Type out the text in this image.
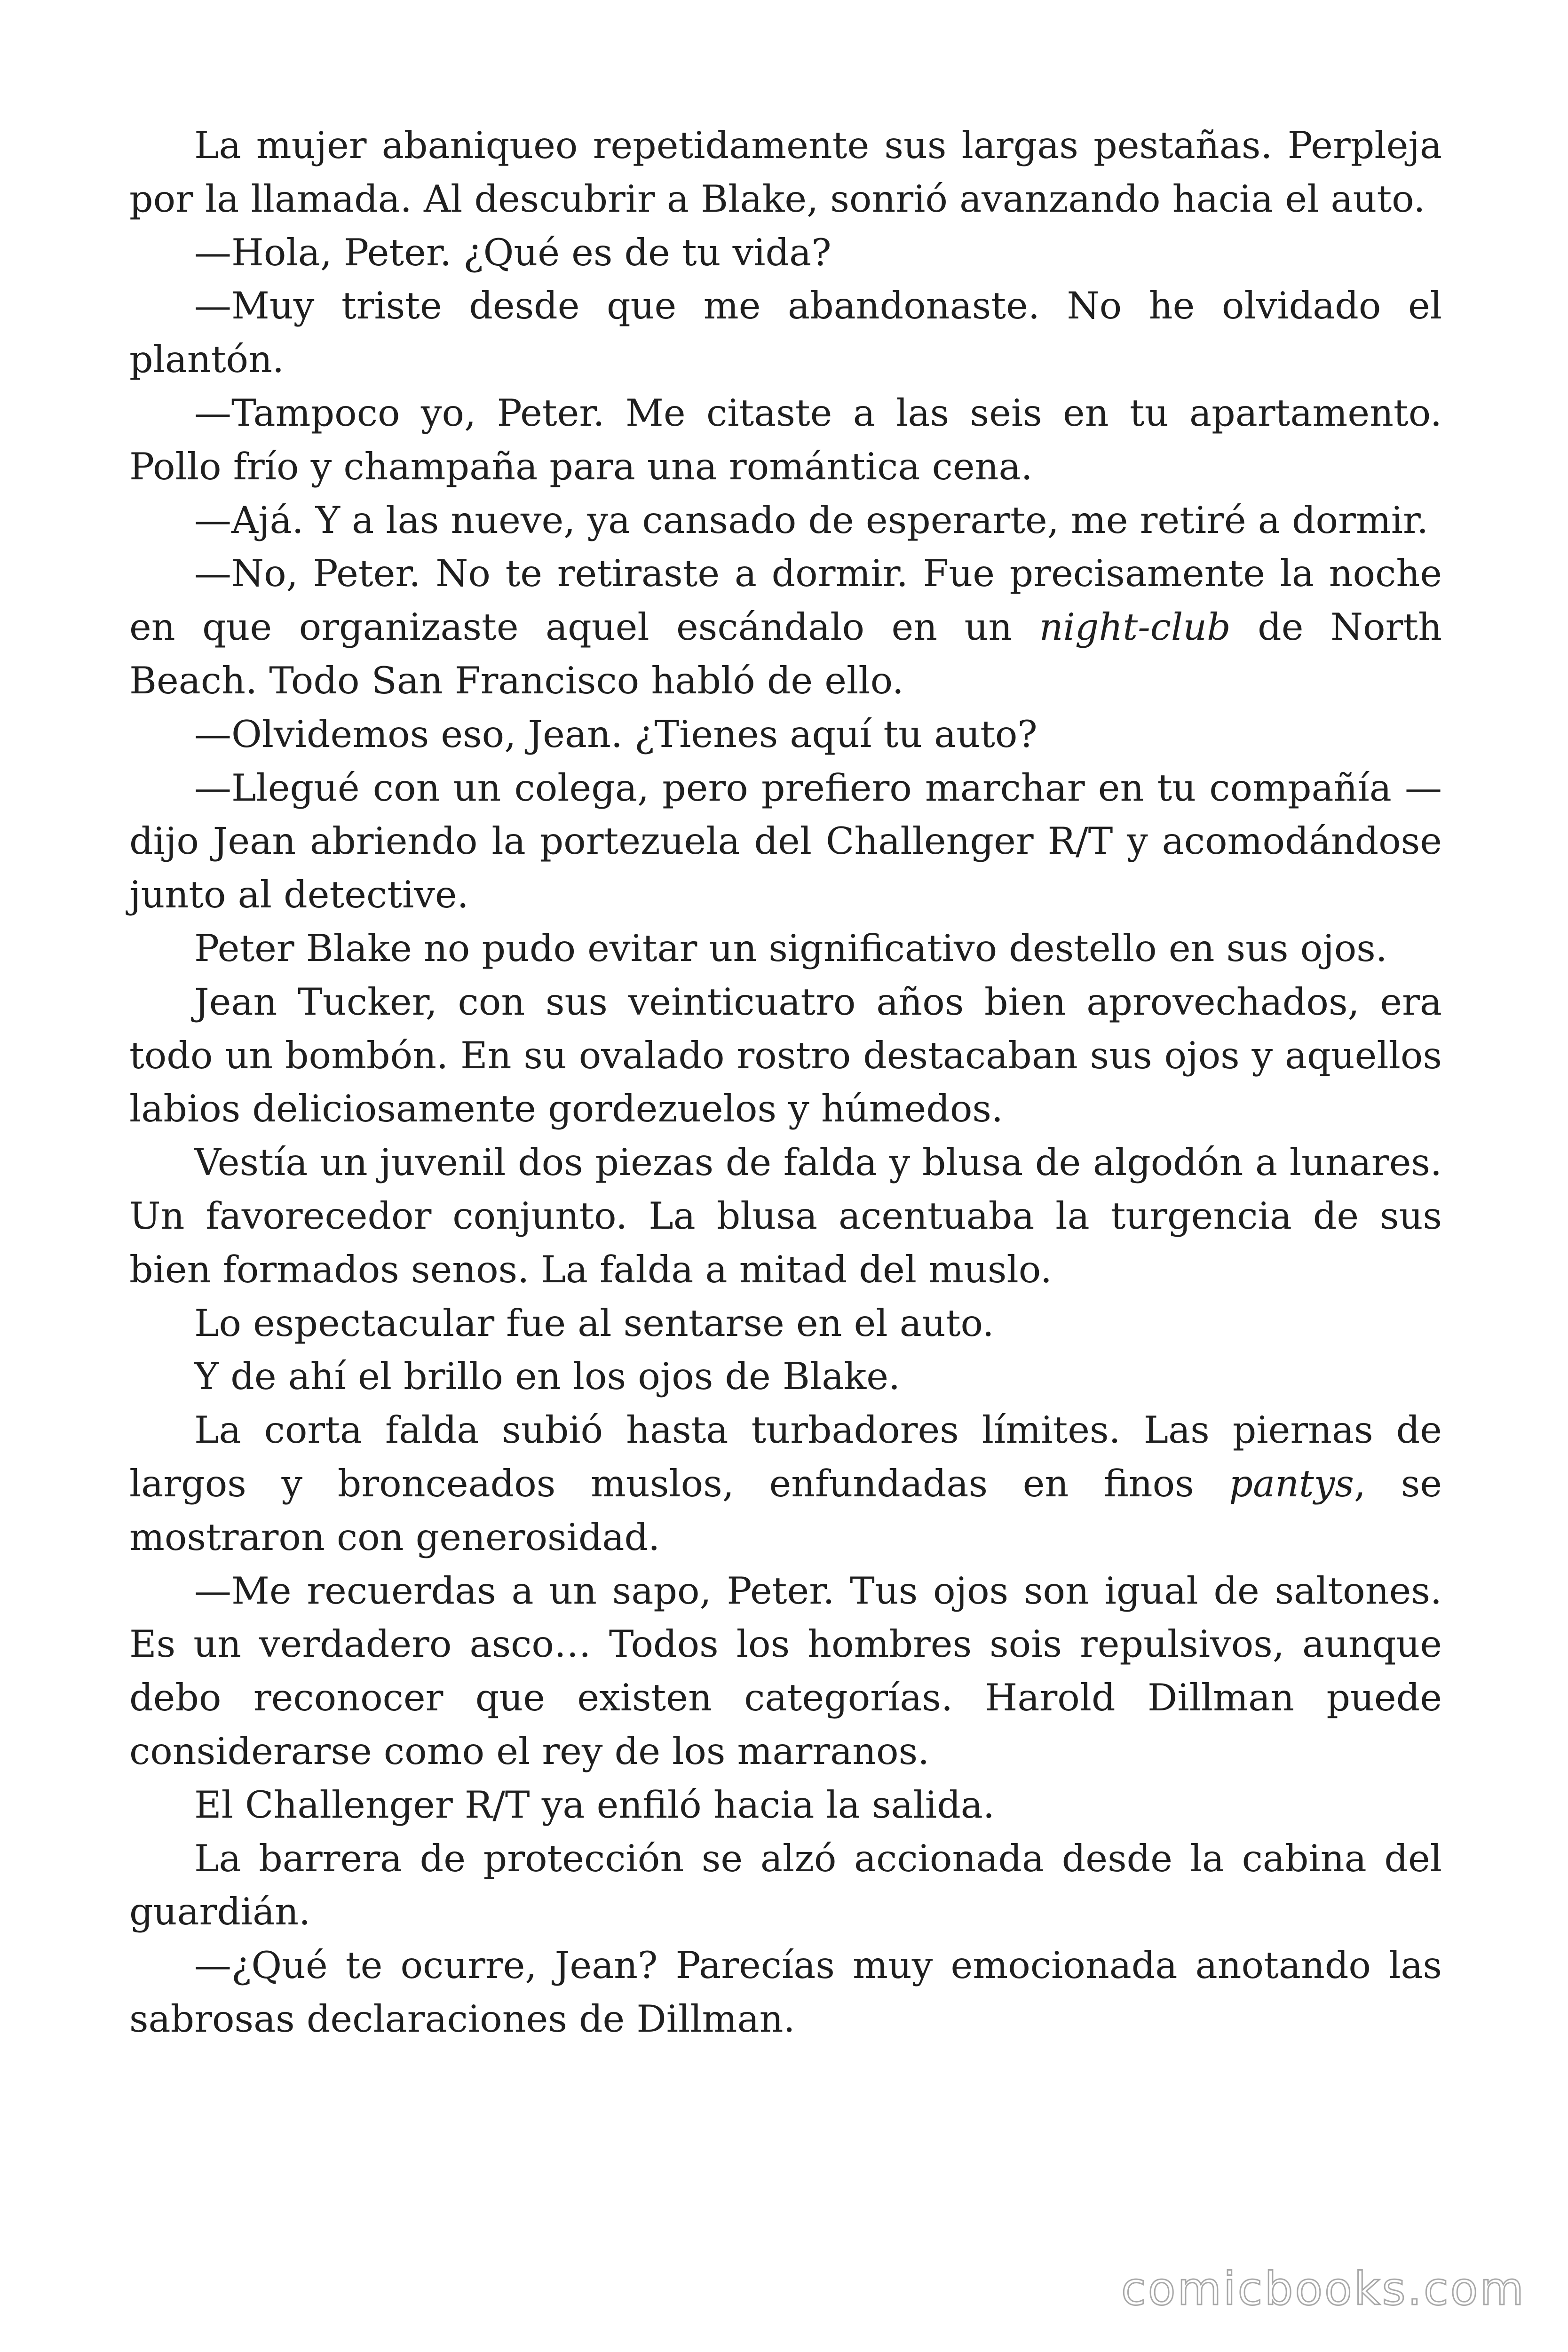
La mujer abaniqueo repetidamente sus largas pestañas. Perpleja por la llamada. Al descubrir a Blake, sonrió avanzando hacia el auto.

—Hola, Peter. ¿Qué es de tu vida?

—Muy triste desde que me abandonaste. No he olvidado el plantón.

—Tampoco yo, Peter. Me citaste a las seis en tu apartamento. Pollo frío y champaña para una romántica cena.

—Ajá. Y a las nueve, ya cansado de esperarte, me retiré a dormir.

—No, Peter. No te retiraste a dormir. Fue precisamente la noche en que organizaste aquel escándalo en un night-club de North Beach. Todo San Francisco habló de ello.

—Olvidemos eso, Jean. ¿Tienes aquí tu auto?

—Llegué con un colega, pero prefiero marchar en tu compañía —dijo Jean abriendo la portezuela del Challenger R/T y acomodándose junto al detective.

Peter Blake no pudo evitar un significativo destello en sus ojos.

Jean Tucker, con sus veinticuatro años bien aprovechados, era todo un bombón. En su ovalado rostro destacaban sus ojos y aquellos labios deliciosamente gordezuelos y húmedos.

Vestía un juvenil dos piezas de falda y blusa de algodón a lunares. Un favorecedor conjunto. La blusa acentuaba la turgencia de sus bien formados senos. La falda a mitad del muslo.

Lo espectacular fue al sentarse en el auto.

Y de ahí el brillo en los ojos de Blake.

La corta falda subió hasta turbadores límites. Las piernas de largos y bronceados muslos, enfundadas en finos pantys, se mostraron con generosidad.

—Me recuerdas a un sapo, Peter. Tus ojos son igual de saltones. Es un verdadero asco… Todos los hombres sois repulsivos, aunque debo reconocer que existen categorías. Harold Dillman puede considerarse como el rey de los marranos.

El Challenger R/T ya enfiló hacia la salida.

La barrera de protección se alzó accionada desde la cabina del guardián.

—¿Qué te ocurre, Jean? Parecías muy emocionada anotando las sabrosas declaraciones de Dillman.

comicbooks.com
